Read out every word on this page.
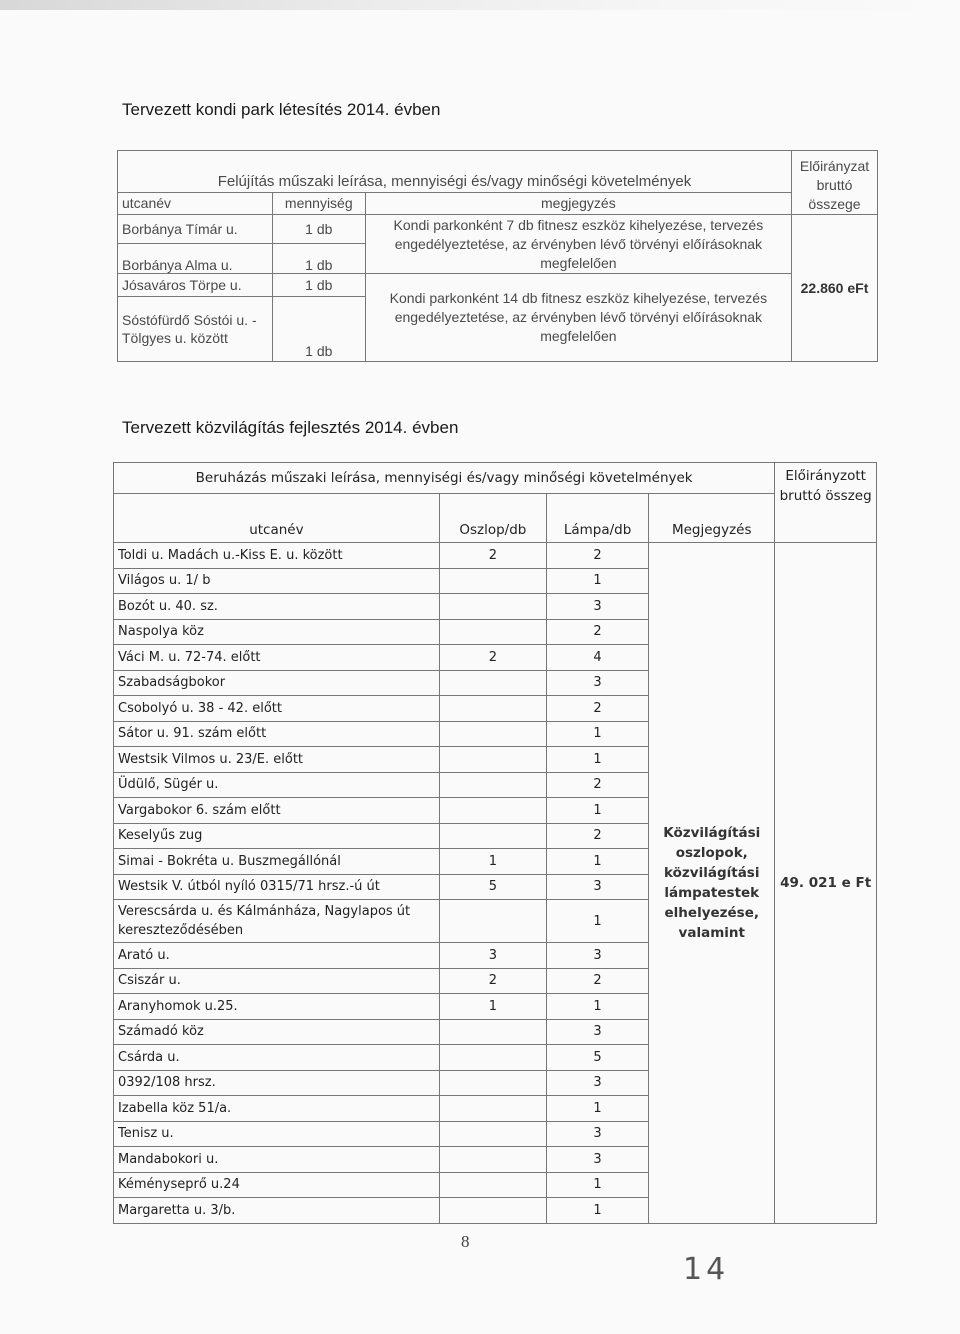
Tervezett kondi park létesítés 2014. évben
Felújítás műszaki leírása, mennyiségi és/vagy minőségi követelmények			Előirányzat
bruttó
összege

utcanév	mennyiség	megjegyzés	
Borbánya Tímár u.	1 db	Kondi parkonként 7 db fitnesz eszköz kihelyezése, tervezés engedélyeztetése, az érvényben lévő törvényi előírásoknak megfelelően	22.860 eFt
Borbánya Alma u.	1 db		
Jósaváros Törpe u.	1 db	Kondi parkonként 14 db fitnesz eszköz kihelyezése, tervezés engedélyeztetése, az érvényben lévő törvényi előírásoknak megfelelően	
Sóstófürdő Sóstói u. - Tölgyes u. között	1 db		
Tervezett közvilágítás fejlesztés 2014. évben
Beruházás műszaki leírása, mennyiségi és/vagy minőségi követelmények				Előirányzott bruttó összeg
utcanév	Oszlop/db	Lámpa/db	Megjegyzés	
Toldi u. Madách u.-Kiss E. u. között	2	2	Közvilágítási oszlopok, közvilágítási lámpatestek elhelyezése, valamint	49. 021 e Ft
Világos u. 1/ b		1		
Bozót u. 40. sz.		3		
Naspolya köz		2		
Váci M. u. 72-74. előtt	2	4		
Szabadságbokor		3		
Csobolyó u. 38 - 42. előtt		2		
Sátor u. 91. szám előtt		1		
Westsik Vilmos u. 23/E. előtt		1		
Üdülő, Sügér u.		2		
Vargabokor 6. szám előtt		1		
Keselyűs zug		2		
Simai - Bokréta u. Buszmegállónál	1	1		
Westsik V. útból nyíló 0315/71 hrsz.-ú út	5	3		
Verescsárda u. és Kálmánháza, Nagylapos út kereszteződésében		1		
Arató u.	3	3		
Csiszár u.	2	2		
Aranyhomok u.25.	1	1		
Számadó köz		3		
Csárda u.		5		
0392/108 hrsz.		3		
Izabella köz 51/a.		1		
Tenisz u.		3		
Mandabokori u.		3		
Kéményseprő u.24		1		
Margaretta u. 3/b.		1		
8
14
